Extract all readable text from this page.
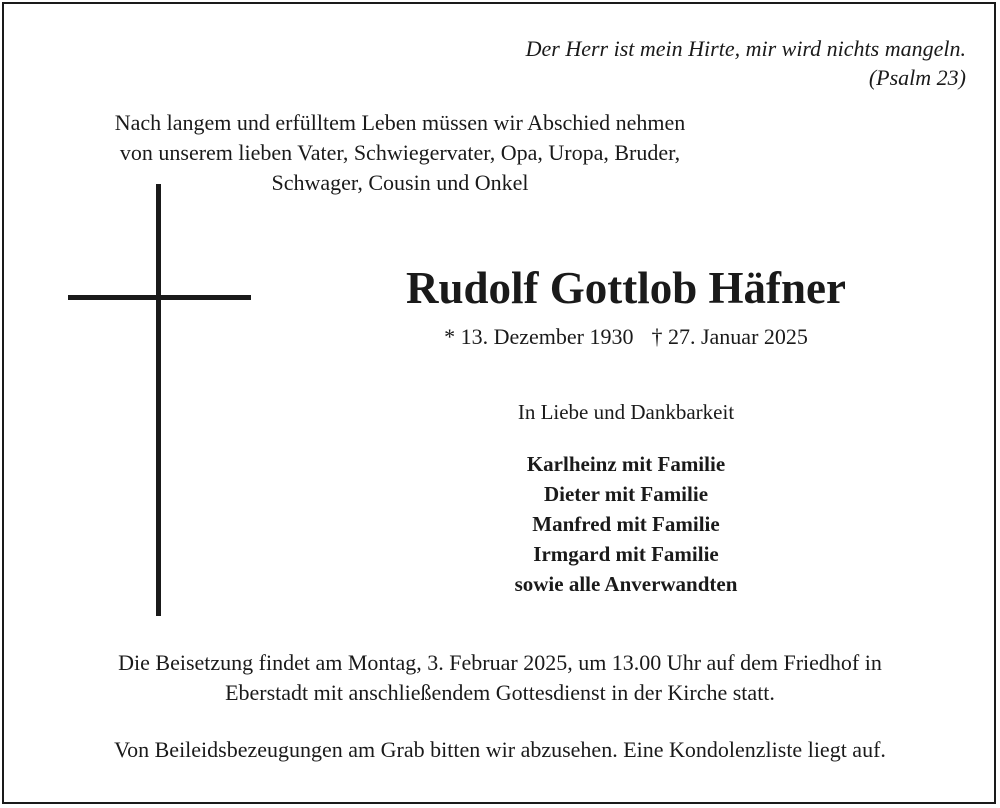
Der Herr ist mein Hirte, mir wird nichts mangeln.
(Psalm 23)
Nach langem und erfülltem Leben müssen wir Abschied nehmen
von unserem lieben Vater, Schwiegervater, Opa, Uropa, Bruder,
Schwager, Cousin und Onkel
Rudolf Gottlob Häfner
* 13. Dezember 1930 † 27. Januar 2025
In Liebe und Dankbarkeit
Karlheinz mit Familie
Dieter mit Familie
Manfred mit Familie
Irmgard mit Familie
sowie alle Anverwandten
Die Beisetzung findet am Montag, 3. Februar 2025, um 13.00 Uhr auf dem Friedhof in
Eberstadt mit anschließendem Gottesdienst in der Kirche statt.
Von Beileidsbezeugungen am Grab bitten wir abzusehen. Eine Kondolenzliste liegt auf.
